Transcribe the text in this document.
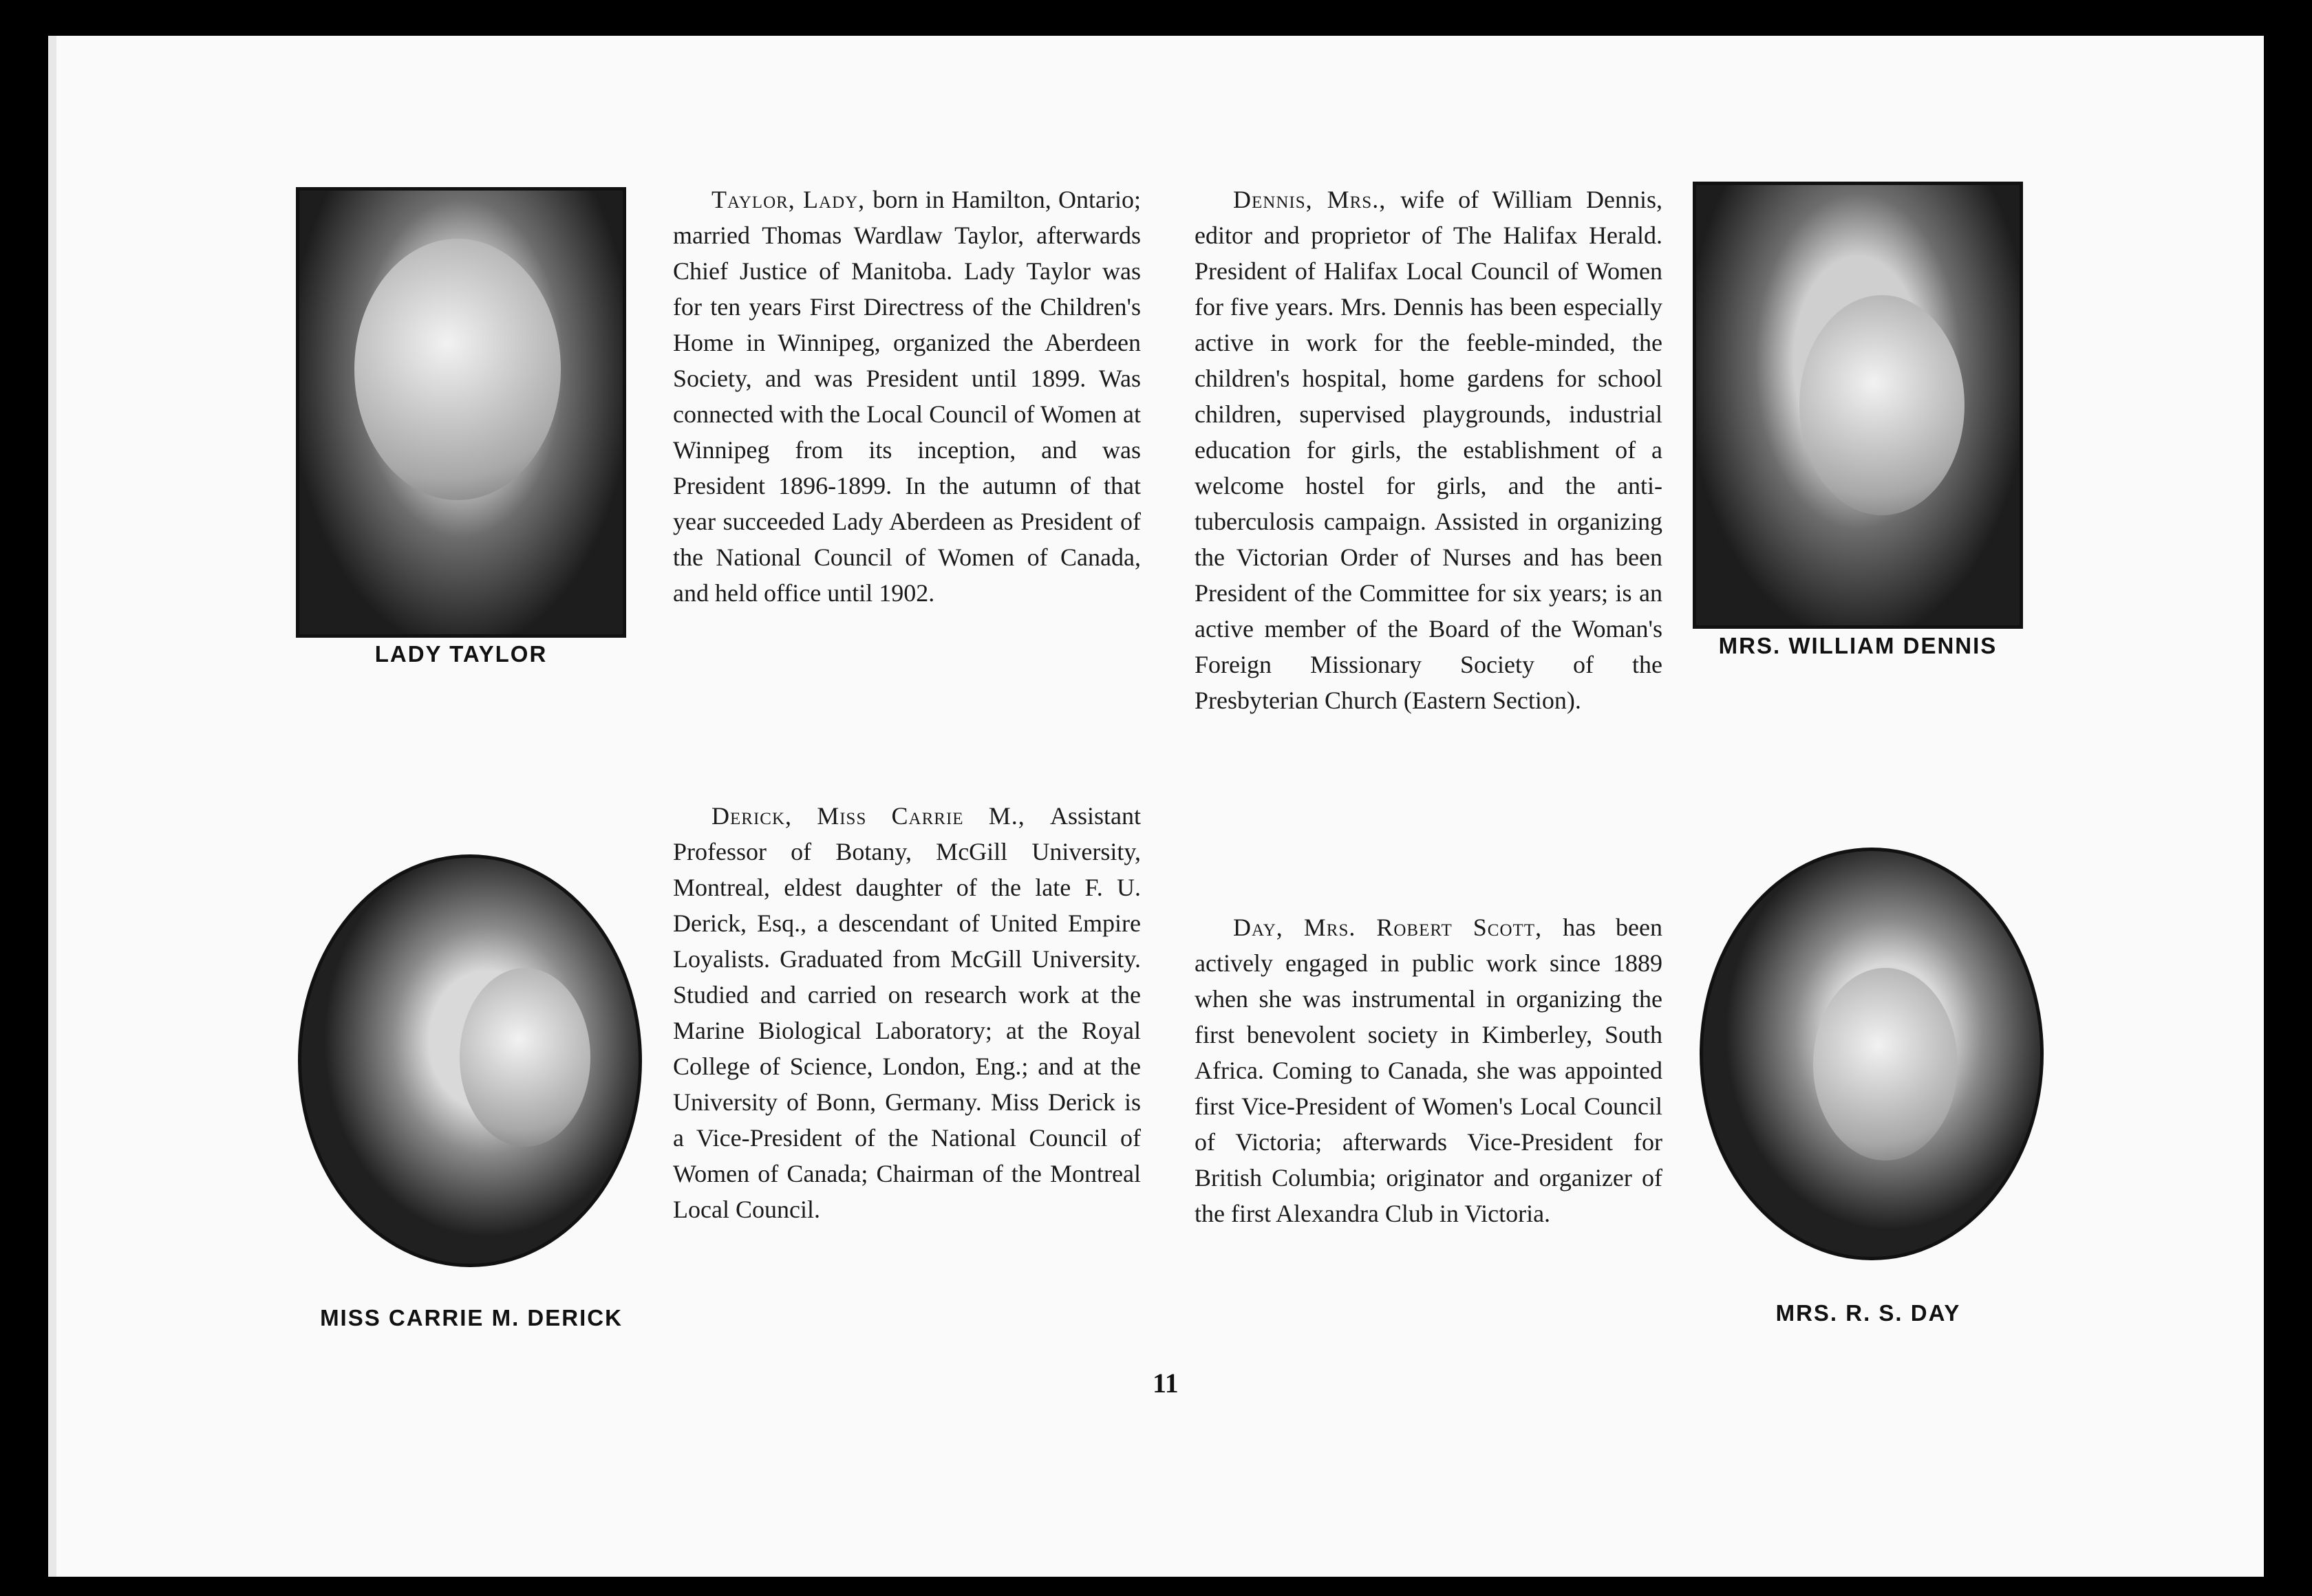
LADY TAYLOR
Taylor, Lady, born in Hamilton, Ontario; married Thomas Wardlaw Taylor, afterwards Chief Justice of Manitoba. Lady Taylor was for ten years First Directress of the Children's Home in Winnipeg, organized the Aberdeen Society, and was President until 1899. Was connected with the Local Council of Women at Winnipeg from its inception, and was President 1896-1899. In the autumn of that year succeeded Lady Aberdeen as President of the National Council of Women of Canada, and held office until 1902.
Dennis, Mrs., wife of William Dennis, editor and proprietor of The Halifax Herald. President of Halifax Local Council of Women for five years. Mrs. Dennis has been especially active in work for the feeble-minded, the children's hospital, home gardens for school children, supervised playgrounds, industrial education for girls, the establishment of a welcome hostel for girls, and the anti-tuberculosis campaign. Assisted in organizing the Victorian Order of Nurses and has been President of the Committee for six years; is an active member of the Board of the Woman's Foreign Missionary Society of the Presbyterian Church (Eastern Section).
MRS. WILLIAM DENNIS
MISS CARRIE M. DERICK
Derick, Miss Carrie M., Assistant Professor of Botany, McGill University, Montreal, eldest daughter of the late F. U. Derick, Esq., a descendant of United Empire Loyalists. Graduated from McGill University. Studied and carried on research work at the Marine Biological Laboratory; at the Royal College of Science, London, Eng.; and at the University of Bonn, Germany. Miss Derick is a Vice-President of the National Council of Women of Canada; Chairman of the Montreal Local Council.
Day, Mrs. Robert Scott, has been actively engaged in public work since 1889 when she was instrumental in organizing the first benevolent society in Kimberley, South Africa. Coming to Canada, she was appointed first Vice-President of Women's Local Council of Victoria; afterwards Vice-President for British Columbia; originator and organizer of the first Alexandra Club in Victoria.
MRS. R. S. DAY
11
